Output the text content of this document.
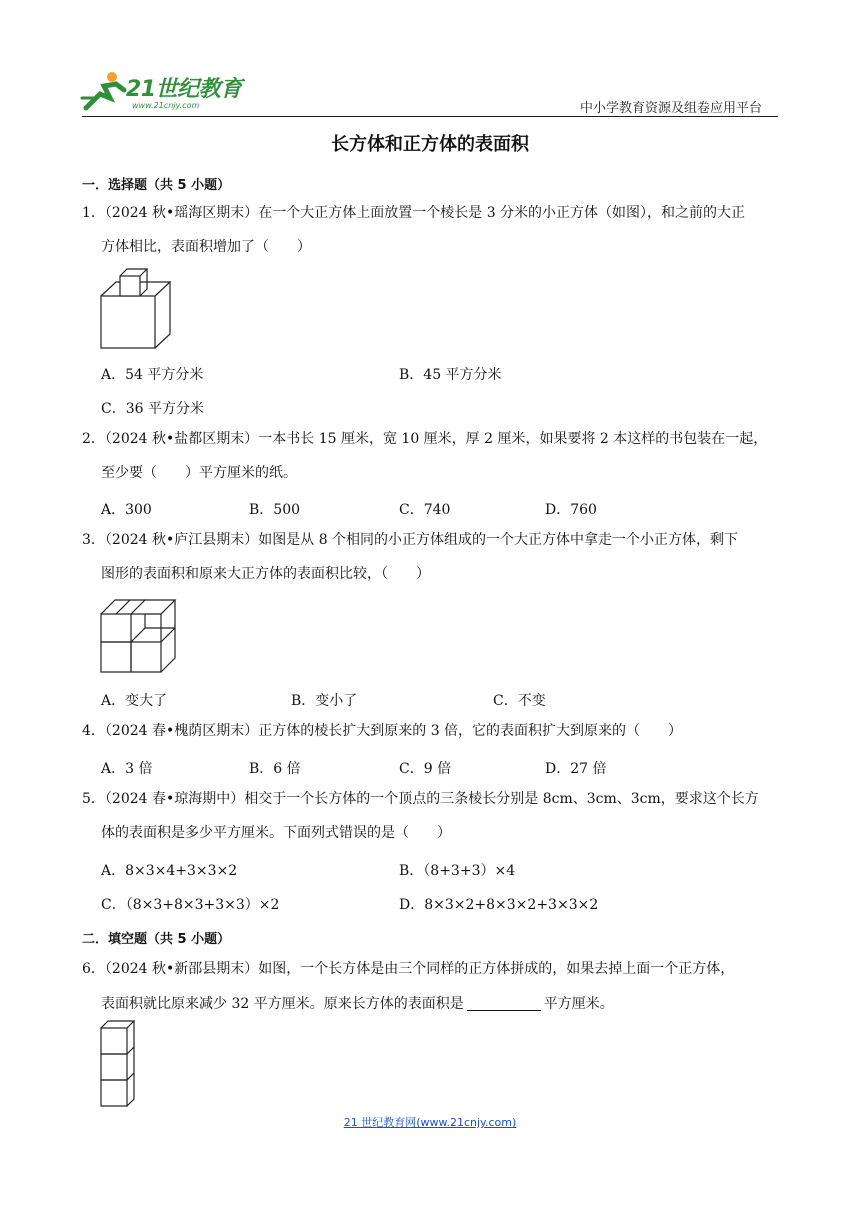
21世纪教育
www.21cnjy.com	中小学教育资源及组卷应用平台
长方体和正方体的表面积
一．选择题（共 5 小题）
1．（2024 秋•瑶海区期末）在一个大正方体上面放置一个棱长是 3 分米的小正方体（如图），和之前的大正
方体相比，表面积增加了（　　）
A．54 平方分米	B．45 平方分米
C．36 平方分米
2．（2024 秋•盐都区期末）一本书长 15 厘米，宽 10 厘米，厚 2 厘米，如果要将 2 本这样的书包装在一起，
至少要（　　）平方厘米的纸。
A．300	B．500	C．740	D．760
3．（2024 秋•庐江县期末）如图是从 8 个相同的小正方体组成的一个大正方体中拿走一个小正方体，剩下
图形的表面积和原来大正方体的表面积比较，（　　）
A．变大了	B．变小了	C．不变
4．（2024 春•槐荫区期末）正方体的棱长扩大到原来的 3 倍，它的表面积扩大到原来的（　　）
A．3 倍	B．6 倍	C．9 倍	D．27 倍
5．（2024 春•琼海期中）相交于一个长方体的一个顶点的三条棱长分别是 8cm、3cm、3cm，要求这个长方
体的表面积是多少平方厘米。下面列式错误的是（　　）
A．8×3×4+3×3×2	B．（8+3+3）×4
C．（8×3+8×3+3×3）×2	D．8×3×2+8×3×2+3×3×2
二．填空题（共 5 小题）
6．（2024 秋•新邵县期末）如图，一个长方体是由三个同样的正方体拼成的，如果去掉上面一个正方体，
表面积就比原来减少 32 平方厘米。原来长方体的表面积是	平方厘米。
21 世纪教育网(www.21cnjy.com)
